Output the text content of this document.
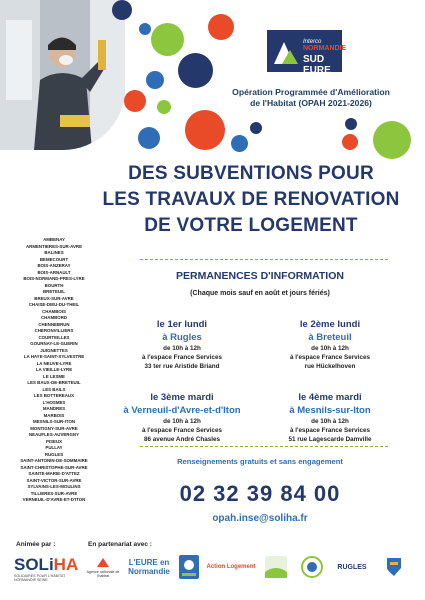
Interco
NORMANDIE
SUD EURE
Opération Programmée d'Amélioration
de l'Habitat (OPAH 2021-2026)
DES SUBVENTIONS POUR
LES TRAVAUX DE RENOVATION
DE VOTRE LOGEMENT
AMBENAY
ARMENTIERES-SUR-AVRE
BALINES
BEMECOURT
BOIS-ANZERAY
BOIS-ARNAULT
BOIS-NORMAND-PRES-LYRE
BOURTH
BRETEUIL
BREUX-SUR-AVRE
CHAISE-DIEU-DU-THEIL
CHAMBOIS
CHAMBORD
CHENNEBRUN
CHERONVILLIERS
COURTEILLES
GOURNAY-LE-GUERIN
JUIGNETTES
LA HAYE-SAINT-SYLVESTRE
LA NEUVE-LYRE
LA VIEILLE-LYRE
LE LESME
LES BAUX-DE-BRETEUIL
LES BAILS
LES BOTTEREAUX
L'HOSMES
MANDRES
MARBOIS
MESNILS-SUR-ITON
MONTIGNY-SUR-AVRE
NEAUFLES-AUVERGNY
PISEUX
PULLAY
RUGLES
SAINT-ANTONIN-DE-SOMMAIRE
SAINT-CHRISTOPHE-SUR-AVRE
SAINTE-MARIE-D'ATTEZ
SAINT-VICTOR-SUR-AVRE
SYLVAINS-LES-MOULINS
TILLIERES-SUR-AVRE
VERNEUIL-D'AVRE-ET-D'ITON
PERMANENCES D'INFORMATION
(Chaque mois sauf en août et jours fériés)
le 1er lundi
à Rugles
de 10h à 12h
à l'espace France Services
33 ter rue Aristide Briand
le 2ème lundi
à Breteuil
de 10h à 12h
à l'espace France Services
rue Hückelhoven
le 3ème mardi
à Verneuil-d'Avre-et-d'Iton
de 10h à 12h
à l'espace France Services
86 avenue André Chasles
le 4ème mardi
à Mesnils-sur-Iton
de 10h à 12h
à l'espace France Services
51 rue Lagescarde Damville
Renseignements gratuits et sans engagement
02 32 39 84 00
opah.inse@soliha.fr
Animée par :	En partenariat avec :
SOLiHA
SOLIDAIRES POUR L'HABITAT NORMANDIE SEINE
Agence nationale de l'habitat
L'EURE en Normandie	Action Logement	RUGLES
